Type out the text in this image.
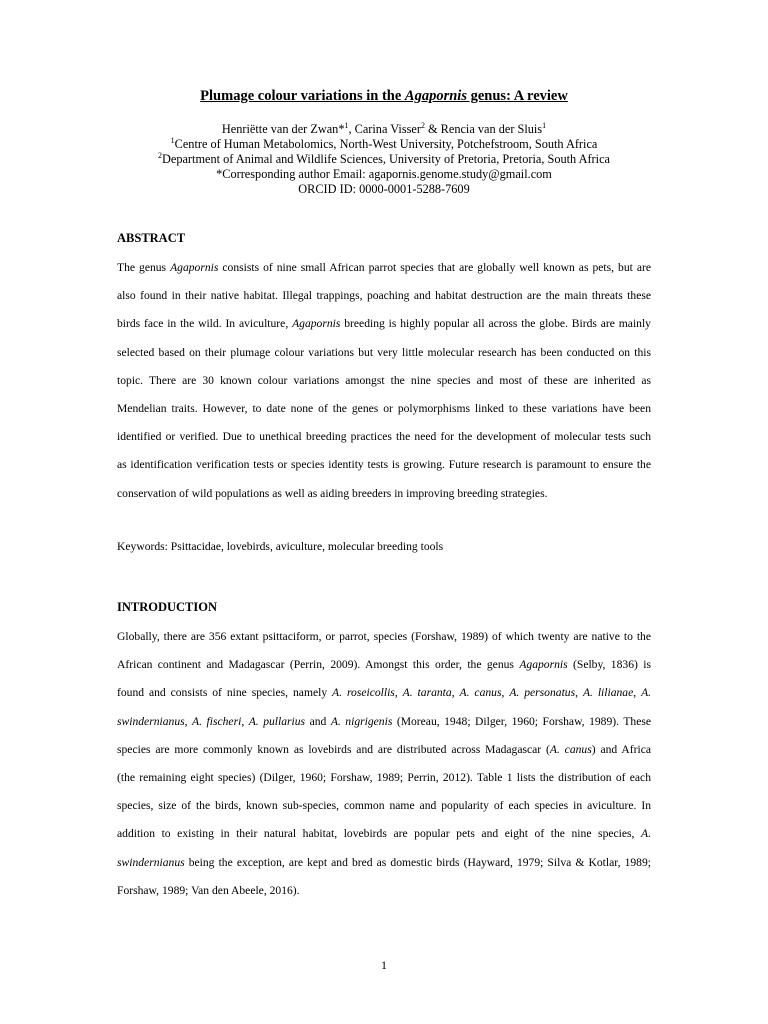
Plumage colour variations in the Agapornis genus: A review
Henriëtte van der Zwan*$^1$, Carina Visser$^2$ & Rencia van der Sluis$^1$
$^1$Centre of Human Metabolomics, North-West University, Potchefstroom, South Africa
$^2$Department of Animal and Wildlife Sciences, University of Pretoria, Pretoria, South Africa
*Corresponding author Email: agapornis.genome.study@gmail.com
ORCID ID: 0000-0001-5288-7609
ABSTRACT
The genus Agapornis consists of nine small African parrot species that are globally well known as pets, but are
also found in their native habitat. Illegal trappings, poaching and habitat destruction are the main threats these
birds face in the wild. In aviculture, Agapornis breeding is highly popular all across the globe. Birds are mainly
selected based on their plumage colour variations but very little molecular research has been conducted on this
topic. There are 30 known colour variations amongst the nine species and most of these are inherited as
Mendelian traits. However, to date none of the genes or polymorphisms linked to these variations have been
identified or verified. Due to unethical breeding practices the need for the development of molecular tests such
as identification verification tests or species identity tests is growing. Future research is paramount to ensure the
conservation of wild populations as well as aiding breeders in improving breeding strategies.
Keywords: Psittacidae, lovebirds, aviculture, molecular breeding tools
INTRODUCTION
Globally, there are 356 extant psittaciform, or parrot, species (Forshaw, 1989) of which twenty are native to the
African continent and Madagascar (Perrin, 2009). Amongst this order, the genus Agapornis (Selby, 1836) is
found and consists of nine species, namely A. roseicollis, A. taranta, A. canus, A. personatus, A. lilianae, A.
swindernianus, A. fischeri, A. pullarius and A. nigrigenis (Moreau, 1948; Dilger, 1960; Forshaw, 1989). These
species are more commonly known as lovebirds and are distributed across Madagascar (A. canus) and Africa
(the remaining eight species) (Dilger, 1960; Forshaw, 1989; Perrin, 2012). Table 1 lists the distribution of each
species, size of the birds, known sub-species, common name and popularity of each species in aviculture. In
addition to existing in their natural habitat, lovebirds are popular pets and eight of the nine species, A.
swindernianus being the exception, are kept and bred as domestic birds (Hayward, 1979; Silva & Kotlar, 1989;
Forshaw, 1989; Van den Abeele, 2016).
1
